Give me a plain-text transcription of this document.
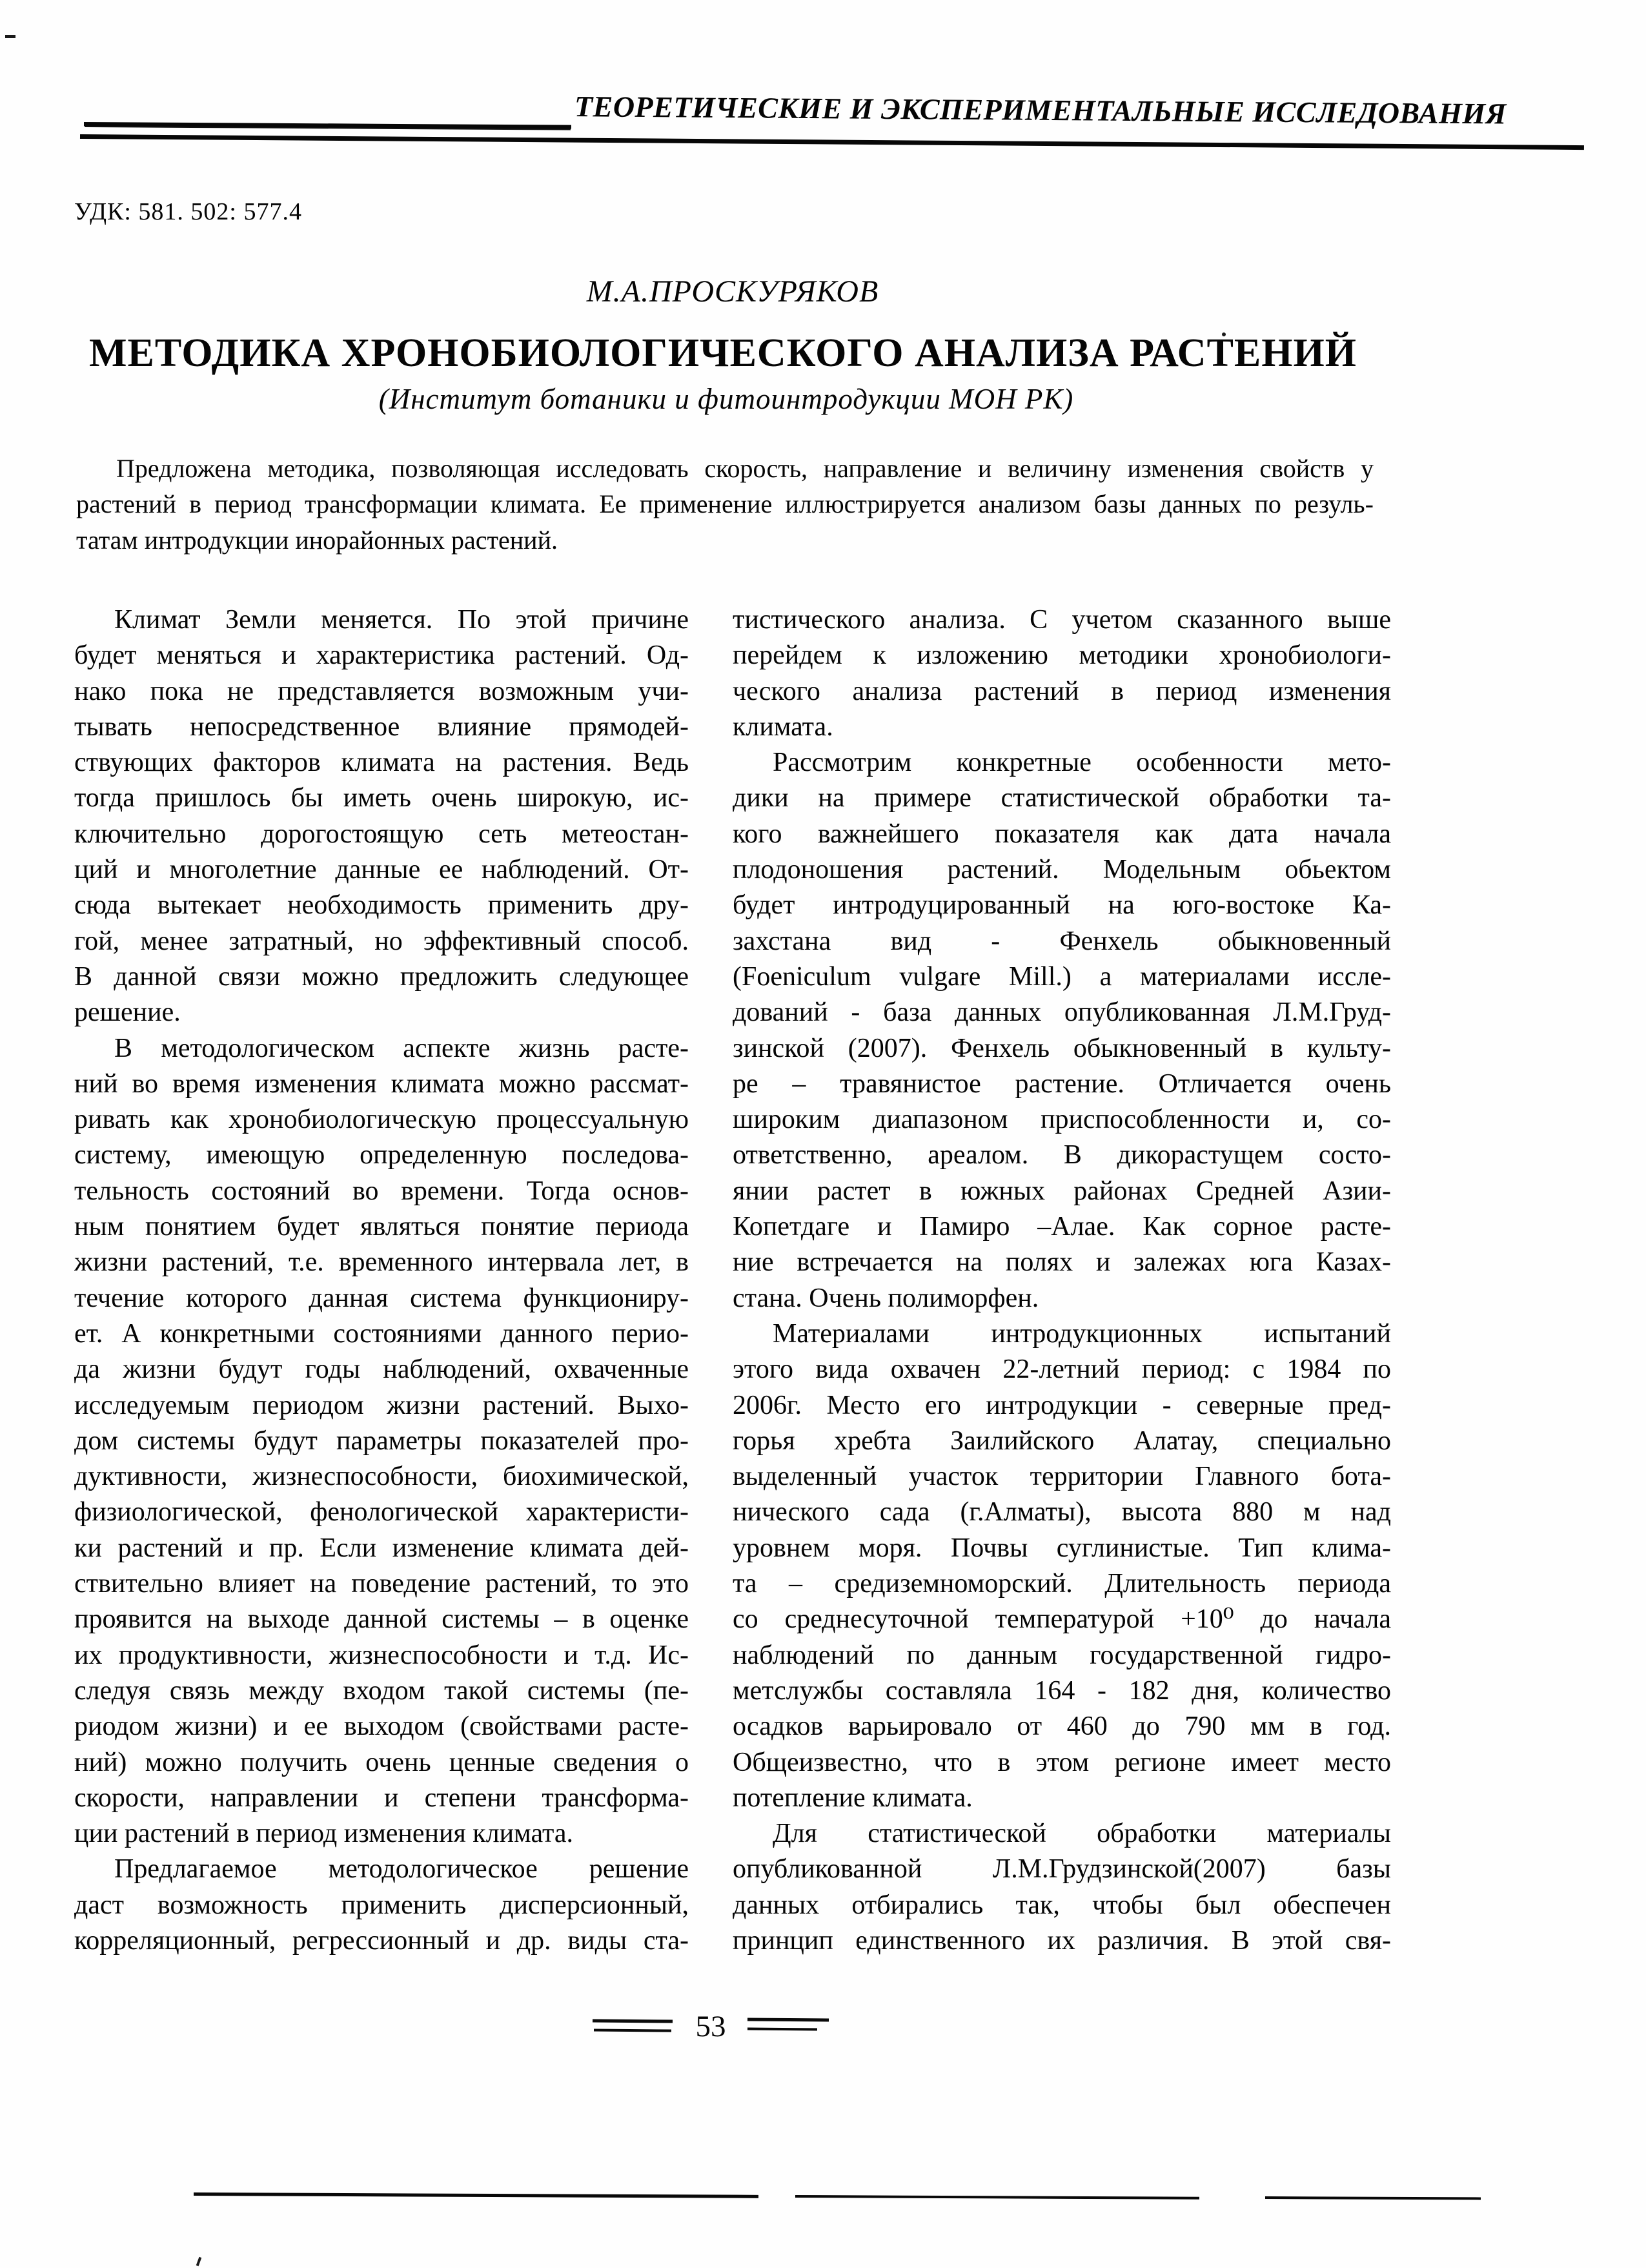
ТЕОРЕТИЧЕСКИЕ И ЭКСПЕРИМЕНТАЛЬНЫЕ ИССЛЕДОВАНИЯ
УДК: 581. 502: 577.4
М.А.ПРОСКУРЯКОВ
МЕТОДИКА ХРОНОБИОЛОГИЧЕСКОГО АНАЛИЗА РАСТЕНИЙ
(Институт ботаники и фитоинтродукции МОН РК)
Предложена методика, позволяющая исследовать скорость, направление и величину изменения свойств у
растений в период трансформации климата. Ее применение иллюстрируется анализом базы данных по резуль-
татам интродукции инорайонных растений.
Климат Земли меняется. По этой причине
будет меняться и характеристика растений. Од-
нако пока не представляется возможным учи-
тывать непосредственное влияние прямодей-
ствующих факторов климата на растения. Ведь
тогда пришлось бы иметь очень широкую, ис-
ключительно дорогостоящую сеть метеостан-
ций и многолетние данные ее наблюдений. От-
сюда вытекает необходимость применить дру-
гой, менее затратный, но эффективный способ.
В данной связи можно предложить следующее
решение.
В методологическом аспекте жизнь расте-
ний во время изменения климата можно рассмат-
ривать как хронобиологическую процессуальную
систему, имеющую определенную последова-
тельность состояний во времени. Тогда основ-
ным понятием будет являться понятие периода
жизни растений, т.е. временного интервала лет, в
течение которого данная система функциониру-
ет. А конкретными состояниями данного перио-
да жизни будут годы наблюдений, охваченные
исследуемым периодом жизни растений. Выхо-
дом системы будут параметры показателей про-
дуктивности, жизнеспособности, биохимической,
физиологической, фенологической характеристи-
ки растений и пр. Если изменение климата дей-
ствительно влияет на поведение растений, то это
проявится на выходе данной системы – в оценке
их продуктивности, жизнеспособности и т.д. Ис-
следуя связь между входом такой системы (пе-
риодом жизни) и ее выходом (свойствами расте-
ний) можно получить очень ценные сведения о
скорости, направлении и степени трансформа-
ции растений в период изменения климата.
Предлагаемое методологическое решение
даст возможность применить дисперсионный,
корреляционный, регрессионный и др. виды ста-
тистического анализа. С учетом сказанного выше
перейдем к изложению методики хронобиологи-
ческого анализа растений в период изменения
климата.
Рассмотрим конкретные особенности мето-
дики на примере статистической обработки та-
кого важнейшего показателя как дата начала
плодоношения растений. Модельным обьектом
будет интродуцированный на юго-востоке Ка-
захстана вид - Фенхель обыкновенный
(Foeniculum vulgare Mill.) а материалами иссле-
дований - база данных опубликованная Л.М.Груд-
зинской (2007). Фенхель обыкновенный в культу-
ре – травянистое растение. Отличается очень
широким диапазоном приспособленности и, со-
ответственно, ареалом. В дикорастущем состо-
янии растет в южных районах Средней Азии-
Копетдаге и Памиро –Алае. Как сорное расте-
ние встречается на полях и залежах юга Казах-
стана. Очень полиморфен.
Материалами интродукционных испытаний
этого вида охвачен 22-летний период: с 1984 по
2006г. Место его интродукции - северные пред-
горья хребта Заилийского Алатау, специально
выделенный участок территории Главного бота-
нического сада (г.Алматы), высота 880 м над
уровнем моря. Почвы суглинистые. Тип клима-
та – средиземноморский. Длительность периода
со среднесуточной температурой +10⁰ до начала
наблюдений по данным государственной гидро-
метслужбы составляла 164 - 182 дня, количество
осадков варьировало от 460 до 790 мм в год.
Общеизвестно, что в этом регионе имеет место
потепление климата.
Для статистической обработки материалы
опубликованной Л.М.Грудзинской(2007) базы
данных отбирались так, чтобы был обеспечен
принцип единственного их различия. В этой свя-
53
